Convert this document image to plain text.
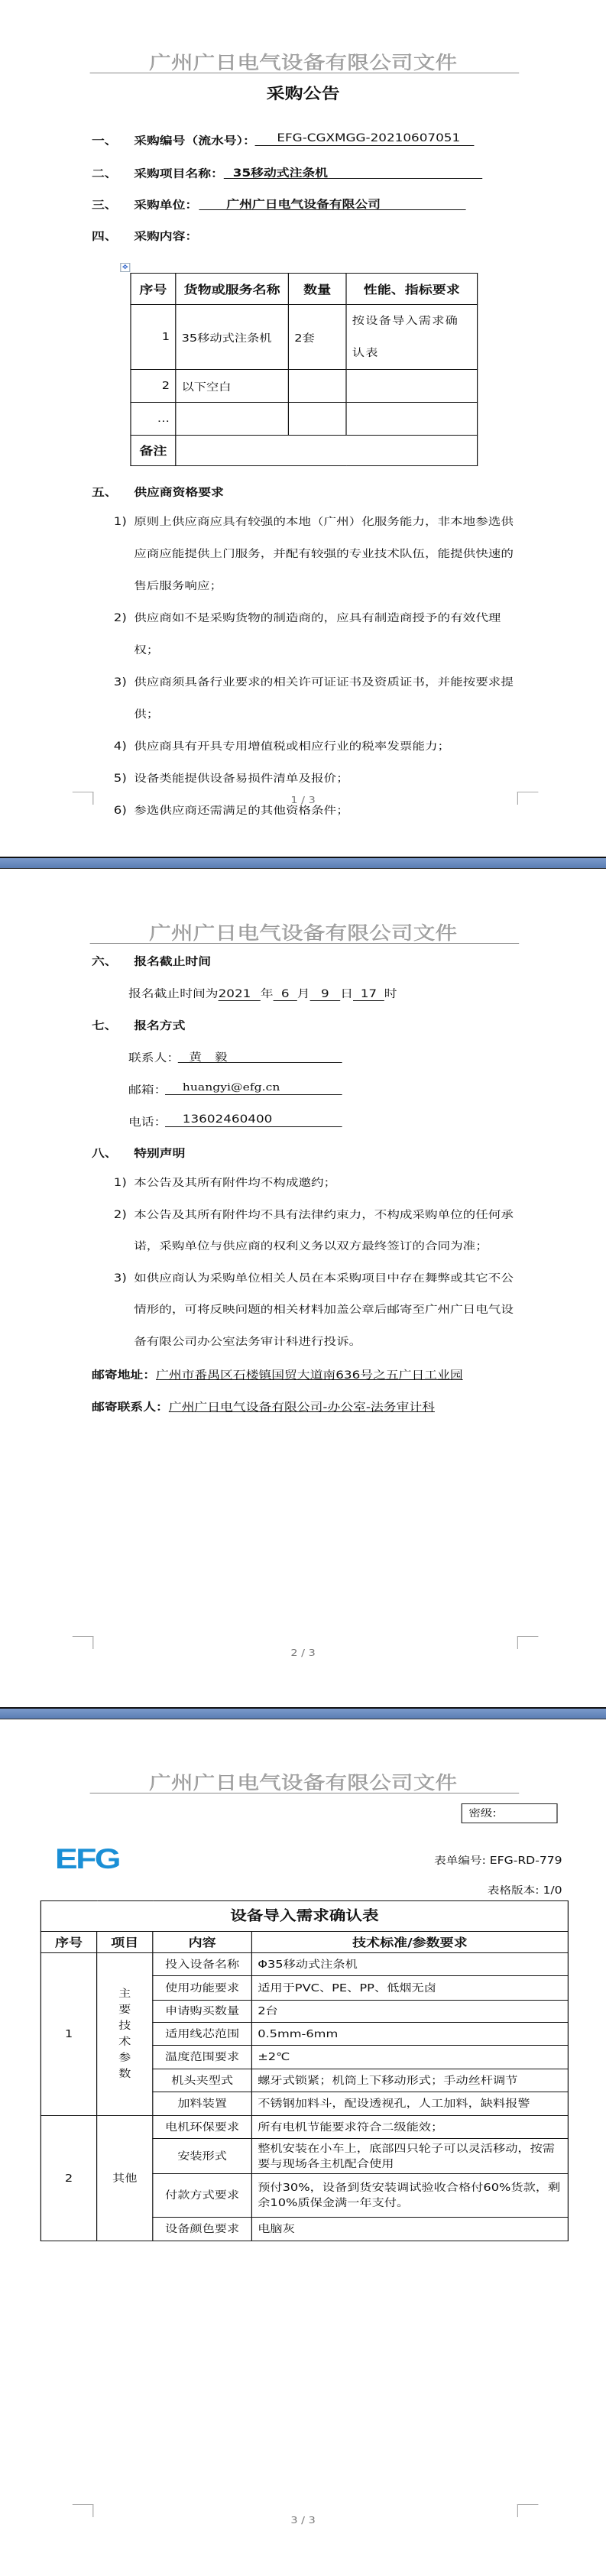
广州广日电气设备有限公司文件
采购公告
一、 采购编号（流水号）：	EFG-CGXMGG-20210607051
二、 采购项目名称： 35移动式注条机
三、 采购单位：	广州广日电气设备有限公司
四、 采购内容：
✥
序号	货物或服务名称	数量	性能、指标要求
1	35移动式注条机	2套	按设备导入需求确认表
2	以下空白		
…			
备注			
五、 供应商资格要求
1) 原则上供应商应具有较强的本地（广州）化服务能力，非本地参选供应商应能提供上门服务，并配有较强的专业技术队伍，能提供快速的售后服务响应；
2) 供应商如不是采购货物的制造商的，应具有制造商授予的有效代理权；
3) 供应商须具备行业要求的相关许可证证书及资质证书，并能按要求提供；
4) 供应商具有开具专用增值税或相应行业的税率发票能力；
5) 设备类能提供设备易损件清单及报价；
6) 参选供应商还需满足的其他资格条件；
1 / 3
广州广日电气设备有限公司文件
六、 报名截止时间
报名截止时间为2021 年 6 月 9 日 17 时
七、 报名方式
联系人： 黄　毅
邮箱：	huangyi@efg.cn
电话：	13602460400
八、 特别声明
1) 本公告及其所有附件均不构成邀约；
2) 本公告及其所有附件均不具有法律约束力，不构成采购单位的任何承诺，采购单位与供应商的权利义务以双方最终签订的合同为准；
3) 如供应商认为采购单位相关人员在本采购项目中存在舞弊或其它不公情形的，可将反映问题的相关材料加盖公章后邮寄至广州广日电气设备有限公司办公室法务审计科进行投诉。
邮寄地址：广州市番禺区石楼镇国贸大道南636号之五广日工业园
邮寄联系人：广州广日电气设备有限公司-办公室-法务审计科
2 / 3
广州广日电气设备有限公司文件
密级:
EFG	表单编号: EFG-RD-779
表格版本: 1/0
设备导入需求确认表			
序号	项目	内容	技术标准/参数要求
1	主要技术参数	投入设备名称	Φ35移动式注条机
		使用功能要求	适用于PVC、PE、PP、低烟无卤
		申请购买数量	2台
		适用线芯范围	0.5mm-6mm
		温度范围要求	±2℃
		机头夹型式	螺牙式锁紧；机筒上下移动形式；手动丝杆调节
		加料装置	不锈钢加料斗，配设透视孔，人工加料，缺料报警
2	其他	电机环保要求	所有电机节能要求符合二级能效；
		安装形式	整机安装在小车上，底部四只轮子可以灵活移动，按需要与现场各主机配合使用
		付款方式要求	预付30%，设备到货安装调试验收合格付60%货款，剩余10%质保金满一年支付。
		设备颜色要求	电脑灰
3 / 3
